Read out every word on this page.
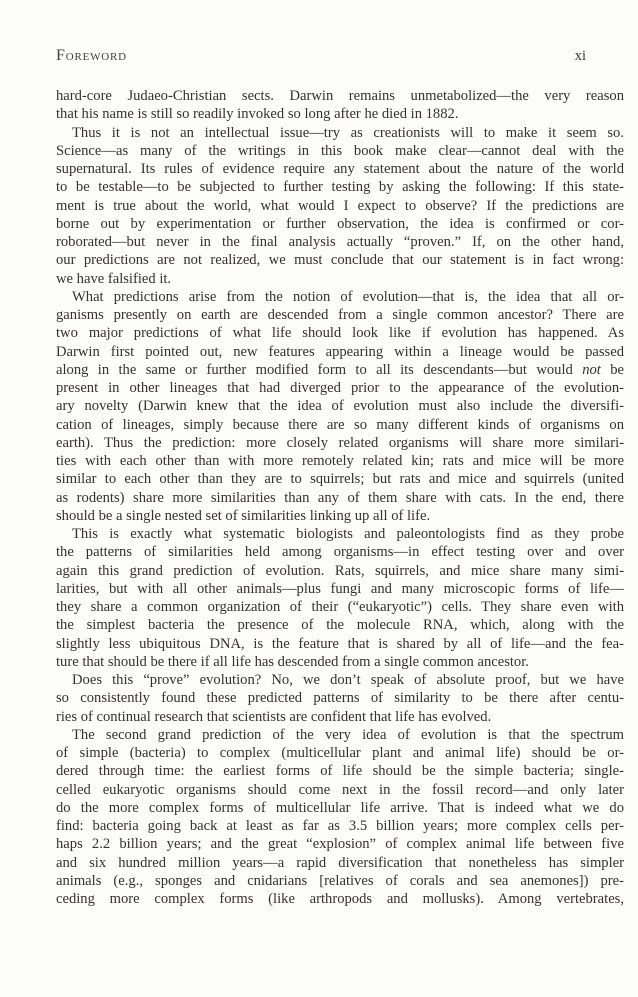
Foreword	xi

hard-core Judaeo-Christian sects. Darwin remains unmetabolized—the very reason
that his name is still so readily invoked so long after he died in 1882.

Thus it is not an intellectual issue—try as creationists will to make it seem so.
Science—as many of the writings in this book make clear—cannot deal with the
supernatural. Its rules of evidence require any statement about the nature of the world
to be testable—to be subjected to further testing by asking the following: If this state-
ment is true about the world, what would I expect to observe? If the predictions are
borne out by experimentation or further observation, the idea is confirmed or cor-
roborated—but never in the final analysis actually “proven.” If, on the other hand,
our predictions are not realized, we must conclude that our statement is in fact wrong:
we have falsified it.

What predictions arise from the notion of evolution—that is, the idea that all or-
ganisms presently on earth are descended from a single common ancestor? There are
two major predictions of what life should look like if evolution has happened. As
Darwin first pointed out, new features appearing within a lineage would be passed
along in the same or further modified form to all its descendants—but would not be
present in other lineages that had diverged prior to the appearance of the evolution-
ary novelty (Darwin knew that the idea of evolution must also include the diversifi-
cation of lineages, simply because there are so many different kinds of organisms on
earth). Thus the prediction: more closely related organisms will share more similari-
ties with each other than with more remotely related kin; rats and mice will be more
similar to each other than they are to squirrels; but rats and mice and squirrels (united
as rodents) share more similarities than any of them share with cats. In the end, there
should be a single nested set of similarities linking up all of life.

This is exactly what systematic biologists and paleontologists find as they probe
the patterns of similarities held among organisms—in effect testing over and over
again this grand prediction of evolution. Rats, squirrels, and mice share many simi-
larities, but with all other animals—plus fungi and many microscopic forms of life—
they share a common organization of their (“eukaryotic”) cells. They share even with
the simplest bacteria the presence of the molecule RNA, which, along with the
slightly less ubiquitous DNA, is the feature that is shared by all of life—and the fea-
ture that should be there if all life has descended from a single common ancestor.

Does this “prove” evolution? No, we don’t speak of absolute proof, but we have
so consistently found these predicted patterns of similarity to be there after centu-
ries of continual research that scientists are confident that life has evolved.

The second grand prediction of the very idea of evolution is that the spectrum
of simple (bacteria) to complex (multicellular plant and animal life) should be or-
dered through time: the earliest forms of life should be the simple bacteria; single-
celled eukaryotic organisms should come next in the fossil record—and only later
do the more complex forms of multicellular life arrive. That is indeed what we do
find: bacteria going back at least as far as 3.5 billion years; more complex cells per-
haps 2.2 billion years; and the great “explosion” of complex animal life between five
and six hundred million years—a rapid diversification that nonetheless has simpler
animals (e.g., sponges and cnidarians [relatives of corals and sea anemones]) pre-
ceding more complex forms (like arthropods and mollusks). Among vertebrates,
